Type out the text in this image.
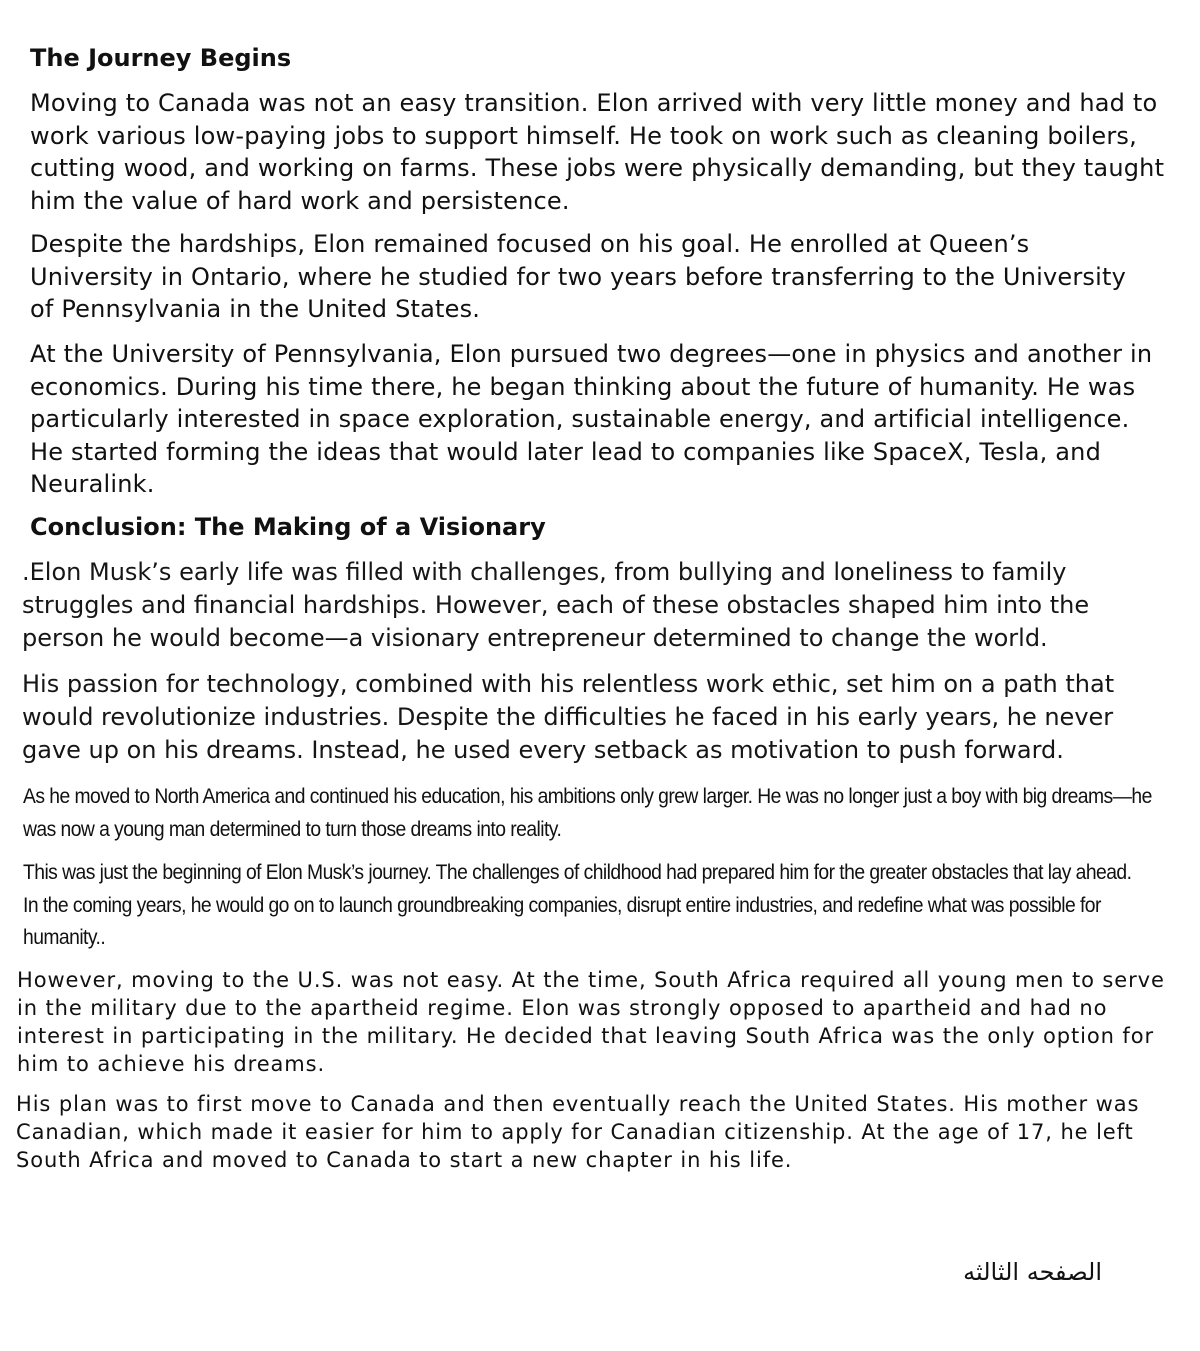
The Journey Begins

Moving to Canada was not an easy transition. Elon arrived with very little money and had to work various low-paying jobs to support himself. He took on work such as cleaning boilers, cutting wood, and working on farms. These jobs were physically demanding, but they taught him the value of hard work and persistence.

Despite the hardships, Elon remained focused on his goal. He enrolled at Queen’s University in Ontario, where he studied for two years before transferring to the University of Pennsylvania in the United States.

At the University of Pennsylvania, Elon pursued two degrees—one in physics and another in economics. During his time there, he began thinking about the future of humanity. He was particularly interested in space exploration, sustainable energy, and artificial intelligence. He started forming the ideas that would later lead to companies like SpaceX, Tesla, and Neuralink.

Conclusion: The Making of a Visionary

.Elon Musk’s early life was filled with challenges, from bullying and loneliness to family struggles and financial hardships. However, each of these obstacles shaped him into the person he would become—a visionary entrepreneur determined to change the world.

His passion for technology, combined with his relentless work ethic, set him on a path that would revolutionize industries. Despite the difficulties he faced in his early years, he never gave up on his dreams. Instead, he used every setback as motivation to push forward.

As he moved to North America and continued his education, his ambitions only grew larger. He was no longer just a boy with big dreams—he was now a young man determined to turn those dreams into reality.

This was just the beginning of Elon Musk’s journey. The challenges of childhood had prepared him for the greater obstacles that lay ahead. In the coming years, he would go on to launch groundbreaking companies, disrupt entire industries, and redefine what was possible for humanity..

However, moving to the U.S. was not easy. At the time, South Africa required all young men to serve in the military due to the apartheid regime. Elon was strongly opposed to apartheid and had no interest in participating in the military. He decided that leaving South Africa was the only option for him to achieve his dreams.

His plan was to first move to Canada and then eventually reach the United States. His mother was Canadian, which made it easier for him to apply for Canadian citizenship. At the age of 17, he left South Africa and moved to Canada to start a new chapter in his life.

الصفحه الثالثه
